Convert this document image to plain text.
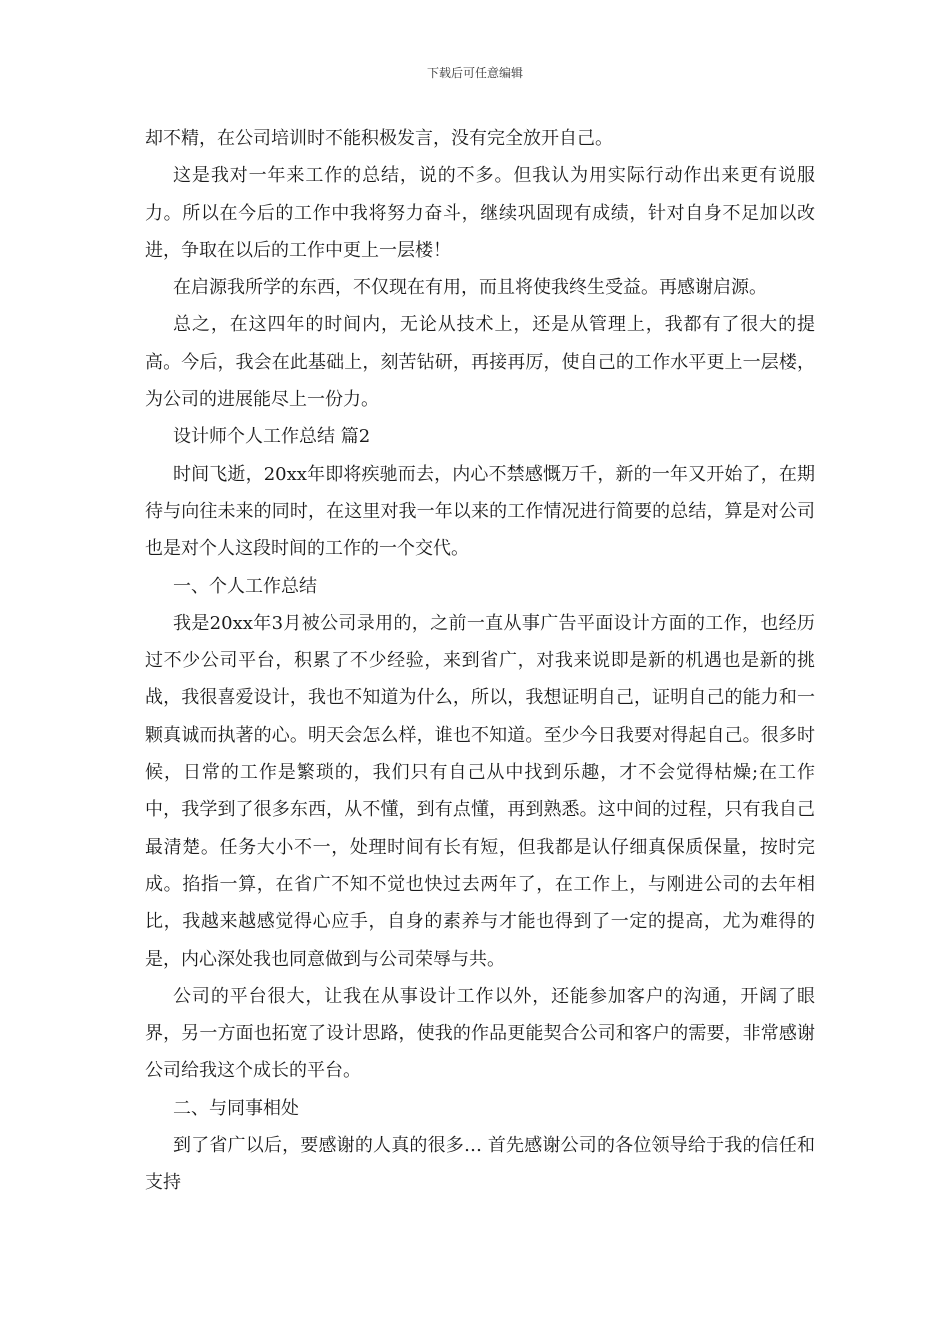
下载后可任意编辑

却不精，在公司培训时不能积极发言，没有完全放开自己。

这是我对一年来工作的总结，说的不多。但我认为用实际行动作出来更有说服力。所以在今后的工作中我将努力奋斗，继续巩固现有成绩，针对自身不足加以改进，争取在以后的工作中更上一层楼！

在启源我所学的东西，不仅现在有用，而且将使我终生受益。再感谢启源。

总之，在这四年的时间内，无论从技术上，还是从管理上，我都有了很大的提高。今后，我会在此基础上，刻苦钻研，再接再厉，使自己的工作水平更上一层楼，为公司的进展能尽上一份力。

设计师个人工作总结 篇2

时间飞逝，20xx年即将疾驰而去，内心不禁感慨万千，新的一年又开始了，在期待与向往未来的同时，在这里对我一年以来的工作情况进行简要的总结，算是对公司也是对个人这段时间的工作的一个交代。

一、个人工作总结

我是20xx年3月被公司录用的，之前一直从事广告平面设计方面的工作，也经历过不少公司平台，积累了不少经验，来到省广，对我来说即是新的机遇也是新的挑战，我很喜爱设计，我也不知道为什么，所以，我想证明自己，证明自己的能力和一颗真诚而执著的心。明天会怎么样，谁也不知道。至少今日我要对得起自己。很多时候，日常的工作是繁琐的，我们只有自己从中找到乐趣，才不会觉得枯燥;在工作中，我学到了很多东西，从不懂，到有点懂，再到熟悉。这中间的过程，只有我自己最清楚。任务大小不一，处理时间有长有短，但我都是认仔细真保质保量，按时完成。掐指一算，在省广不知不觉也快过去两年了，在工作上，与刚进公司的去年相比，我越来越感觉得心应手，自身的素养与才能也得到了一定的提高，尤为难得的是，内心深处我也同意做到与公司荣辱与共。

公司的平台很大，让我在从事设计工作以外，还能参加客户的沟通，开阔了眼界，另一方面也拓宽了设计思路，使我的作品更能契合公司和客户的需要，非常感谢公司给我这个成长的平台。

二、与同事相处

到了省广以后，要感谢的人真的很多… 首先感谢公司的各位领导给于我的信任和支持
